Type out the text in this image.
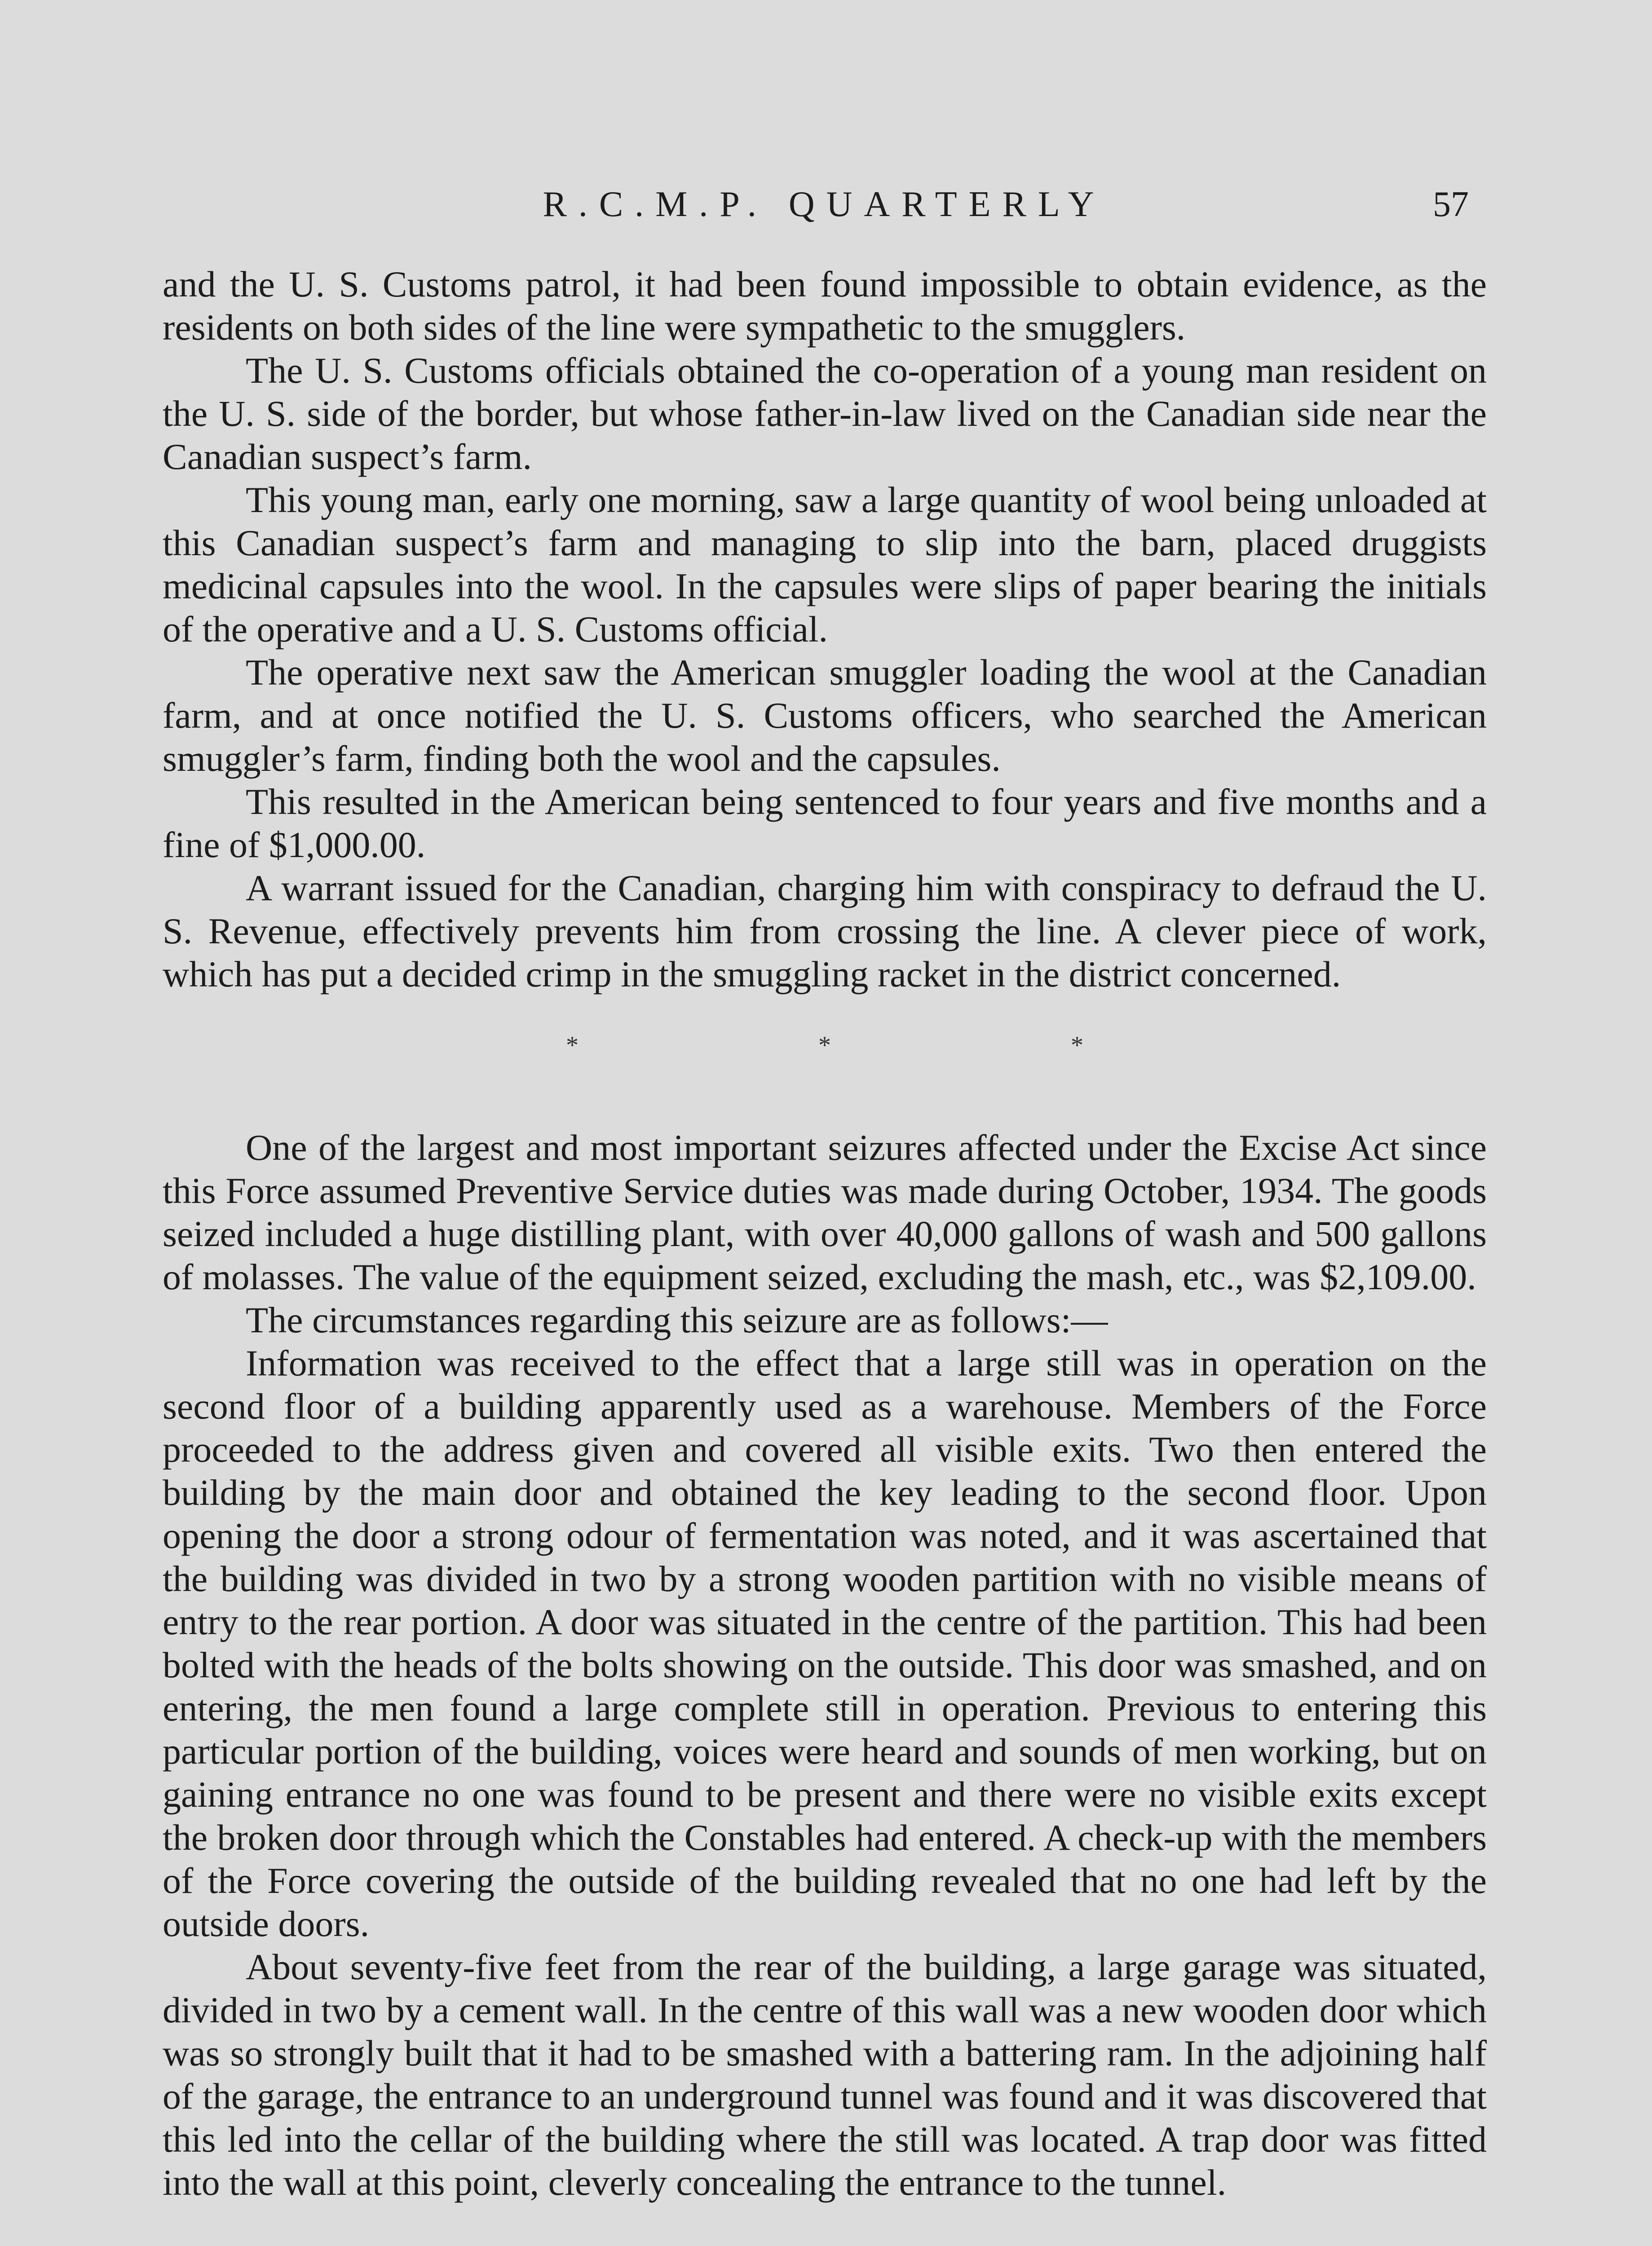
R.C.M.P. QUARTERLY	57

and the U. S. Customs patrol, it had been found impossible to obtain evidence, as the residents on both sides of the line were sympathetic to the smugglers.

The U. S. Customs officials obtained the co-operation of a young man resident on the U. S. side of the border, but whose father-in-law lived on the Canadian side near the Canadian suspect’s farm.

This young man, early one morning, saw a large quantity of wool being unloaded at this Canadian suspect’s farm and managing to slip into the barn, placed druggists medicinal capsules into the wool. In the capsules were slips of paper bearing the initials of the operative and a U. S. Customs official.

The operative next saw the American smuggler loading the wool at the Canadian farm, and at once notified the U. S. Customs officers, who searched the American smuggler’s farm, finding both the wool and the capsules.

This resulted in the American being sentenced to four years and five months and a fine of $1,000.00.

A warrant issued for the Canadian, charging him with conspiracy to defraud the U. S. Revenue, effectively prevents him from crossing the line. A clever piece of work, which has put a decided crimp in the smuggling racket in the district concerned.

* * *

One of the largest and most important seizures affected under the Excise Act since this Force assumed Preventive Service duties was made during October, 1934. The goods seized included a huge distilling plant, with over 40,000 gallons of wash and 500 gallons of molasses. The value of the equipment seized, excluding the mash, etc., was $2,109.00.

The circumstances regarding this seizure are as follows:—

Information was received to the effect that a large still was in operation on the second floor of a building apparently used as a warehouse. Members of the Force proceeded to the address given and covered all visible exits. Two then entered the building by the main door and obtained the key leading to the second floor. Upon opening the door a strong odour of fermentation was noted, and it was ascertained that the building was divided in two by a strong wooden partition with no visible means of entry to the rear portion. A door was situated in the centre of the partition. This had been bolted with the heads of the bolts showing on the outside. This door was smashed, and on entering, the men found a large complete still in operation. Previous to entering this particular portion of the building, voices were heard and sounds of men working, but on gaining entrance no one was found to be present and there were no visible exits except the broken door through which the Constables had entered. A check-up with the members of the Force covering the outside of the building revealed that no one had left by the outside doors.

About seventy-five feet from the rear of the building, a large garage was situated, divided in two by a cement wall. In the centre of this wall was a new wooden door which was so strongly built that it had to be smashed with a battering ram. In the adjoining half of the garage, the entrance to an underground tunnel was found and it was discovered that this led into the cellar of the building where the still was located. A trap door was fitted into the wall at this point, cleverly concealing the entrance to the tunnel.
